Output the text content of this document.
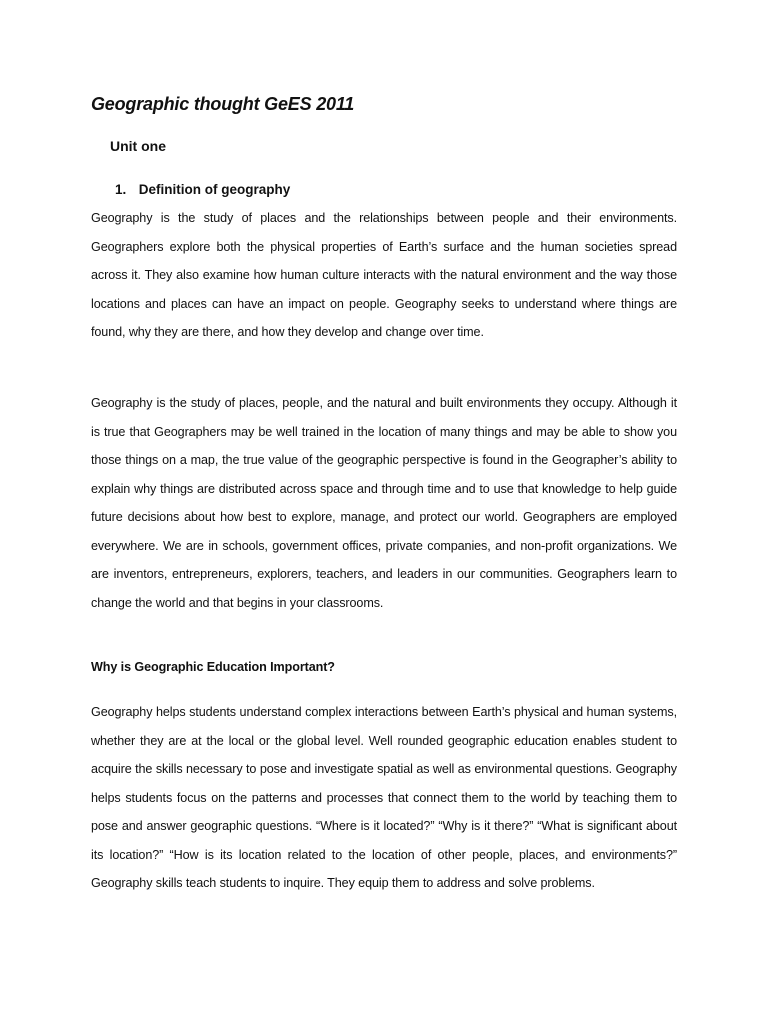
Geographic thought GeES 2011
Unit one
1. Definition of geography

Geography is the study of places and the relationships between people and their environments. Geographers explore both the physical properties of Earth’s surface and the human societies spread across it. They also examine how human culture interacts with the natural environment and the way those locations and places can have an impact on people. Geography seeks to understand where things are found, why they are there, and how they develop and change over time.

Geography is the study of places, people, and the natural and built environments they occupy. Although it is true that Geographers may be well trained in the location of many things and may be able to show you those things on a map, the true value of the geographic perspective is found in the Geographer’s ability to explain why things are distributed across space and through time and to use that knowledge to help guide future decisions about how best to explore, manage, and protect our world. Geographers are employed everywhere. We are in schools, government offices, private companies, and non-profit organizations. We are inventors, entrepreneurs, explorers, teachers, and leaders in our communities. Geographers learn to change the world and that begins in your classrooms.

Why is Geographic Education Important?

Geography helps students understand complex interactions between Earth’s physical and human systems, whether they are at the local or the global level. Well rounded geographic education enables student to acquire the skills necessary to pose and investigate spatial as well as environmental questions. Geography helps students focus on the patterns and processes that connect them to the world by teaching them to pose and answer geographic questions. “Where is it located?” “Why is it there?” “What is significant about its location?” “How is its location related to the location of other people, places, and environments?” Geography skills teach students to inquire. They equip them to address and solve problems.
